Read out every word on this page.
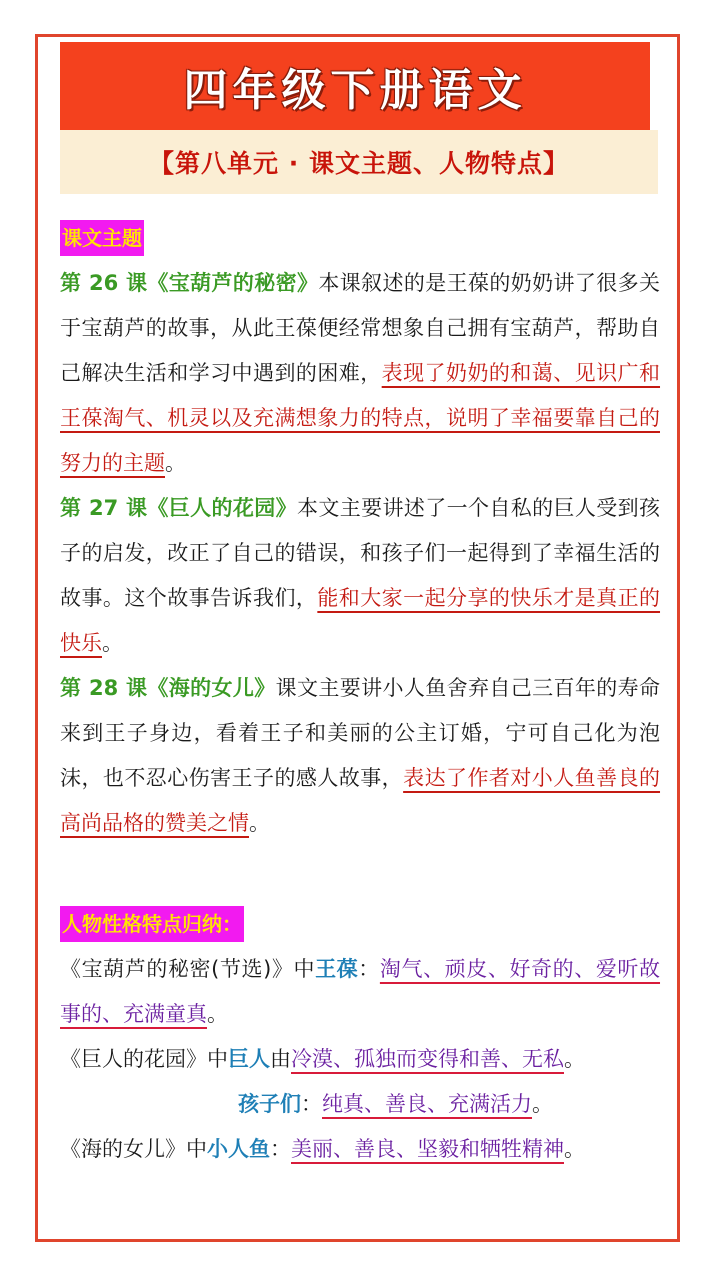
四年级下册语文
【第八单元 · 课文主题、人物特点】
课文主题
第 26 课《宝葫芦的秘密》本课叙述的是王葆的奶奶讲了很多关于宝葫芦的故事，从此王葆便经常想象自己拥有宝葫芦，帮助自己解决生活和学习中遇到的困难，表现了奶奶的和蔼、见识广和王葆淘气、机灵以及充满想象力的特点，说明了幸福要靠自己的努力的主题。
第 27 课《巨人的花园》本文主要讲述了一个自私的巨人受到孩子的启发，改正了自己的错误，和孩子们一起得到了幸福生活的故事。这个故事告诉我们，能和大家一起分享的快乐才是真正的快乐。
第 28 课《海的女儿》课文主要讲小人鱼舍弃自己三百年的寿命来到王子身边，看着王子和美丽的公主订婚，宁可自己化为泡沫，也不忍心伤害王子的感人故事，表达了作者对小人鱼善良的高尚品格的赞美之情。
人物性格特点归纳：
《宝葫芦的秘密(节选)》中王葆：淘气、顽皮、好奇的、爱听故事的、充满童真。
《巨人的花园》中巨人由冷漠、孤独而变得和善、无私。
孩子们：纯真、善良、充满活力。
《海的女儿》中小人鱼：美丽、善良、坚毅和牺牲精神。
